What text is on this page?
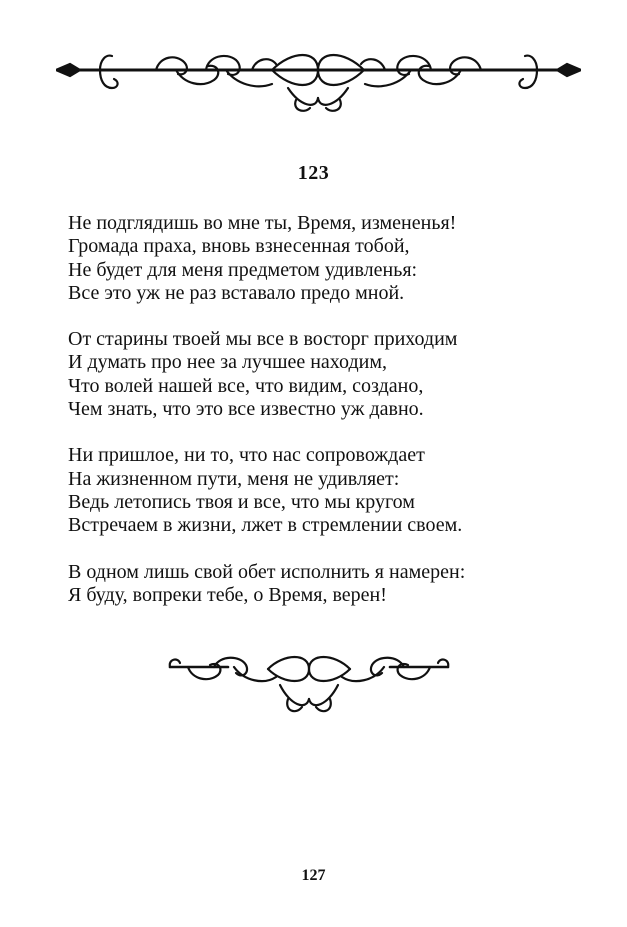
123
Не подглядишь во мне ты, Время, измененья!
Громада праха, вновь взнесенная тобой,
Не будет для меня предметом удивленья:
Все это уж не раз вставало предо мной.
От старины твоей мы все в восторг приходим
И думать про нее за лучшее находим,
Что волей нашей все, что видим, создано,
Чем знать, что это все известно уж давно.
Ни пришлое, ни то, что нас сопровождает
На жизненном пути, меня не удивляет:
Ведь летопись твоя и все, что мы кругом
Встречаем в жизни, лжет в стремлении своем.
В одном лишь свой обет исполнить я намерен:
Я буду, вопреки тебе, о Время, верен!
127
